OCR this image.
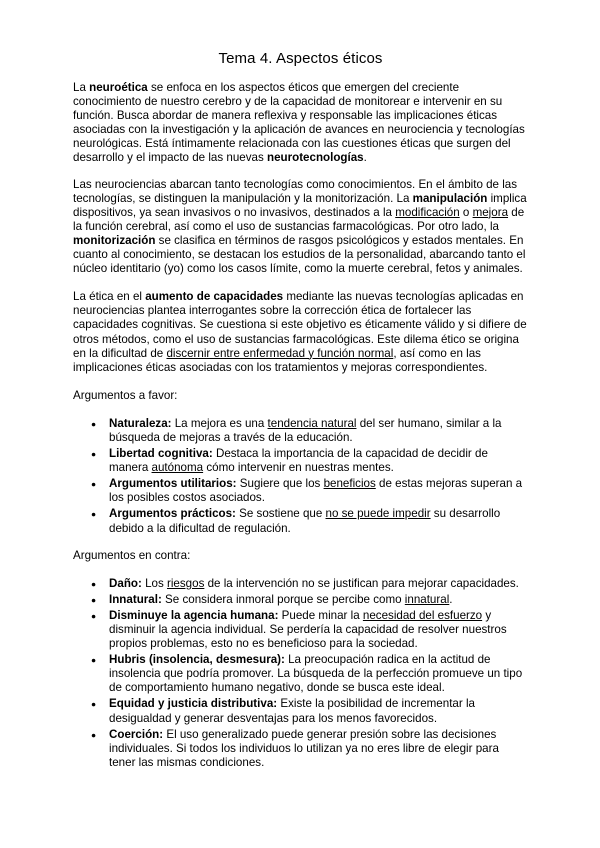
Tema 4. Aspectos éticos

La neuroética se enfoca en los aspectos éticos que emergen del creciente conocimiento de nuestro cerebro y de la capacidad de monitorear e intervenir en su función. Busca abordar de manera reflexiva y responsable las implicaciones éticas asociadas con la investigación y la aplicación de avances en neurociencia y tecnologías neurológicas. Está íntimamente relacionada con las cuestiones éticas que surgen del desarrollo y el impacto de las nuevas neurotecnologías.

Las neurociencias abarcan tanto tecnologías como conocimientos. En el ámbito de las tecnologías, se distinguen la manipulación y la monitorización. La manipulación implica dispositivos, ya sean invasivos o no invasivos, destinados a la modificación o mejora de la función cerebral, así como el uso de sustancias farmacológicas. Por otro lado, la monitorización se clasifica en términos de rasgos psicológicos y estados mentales. En cuanto al conocimiento, se destacan los estudios de la personalidad, abarcando tanto el núcleo identitario (yo) como los casos límite, como la muerte cerebral, fetos y animales.

La ética en el aumento de capacidades mediante las nuevas tecnologías aplicadas en neurociencias plantea interrogantes sobre la corrección ética de fortalecer las capacidades cognitivas. Se cuestiona si este objetivo es éticamente válido y si difiere de otros métodos, como el uso de sustancias farmacológicas. Este dilema ético se origina en la dificultad de discernir entre enfermedad y función normal, así como en las implicaciones éticas asociadas con los tratamientos y mejoras correspondientes.

Argumentos a favor:

● Naturaleza: La mejora es una tendencia natural del ser humano, similar a la búsqueda de mejoras a través de la educación.
● Libertad cognitiva: Destaca la importancia de la capacidad de decidir de manera autónoma cómo intervenir en nuestras mentes.
● Argumentos utilitarios: Sugiere que los beneficios de estas mejoras superan a los posibles costos asociados.
● Argumentos prácticos: Se sostiene que no se puede impedir su desarrollo debido a la dificultad de regulación.

Argumentos en contra:

● Daño: Los riesgos de la intervención no se justifican para mejorar capacidades.
● Innatural: Se considera inmoral porque se percibe como innatural.
● Disminuye la agencia humana: Puede minar la necesidad del esfuerzo y disminuir la agencia individual. Se perdería la capacidad de resolver nuestros propios problemas, esto no es beneficioso para la sociedad.
● Hubris (insolencia, desmesura): La preocupación radica en la actitud de insolencia que podría promover. La búsqueda de la perfección promueve un tipo de comportamiento humano negativo, donde se busca este ideal.
● Equidad y justicia distributiva: Existe la posibilidad de incrementar la desigualdad y generar desventajas para los menos favorecidos.
● Coerción: El uso generalizado puede generar presión sobre las decisiones individuales. Si todos los individuos lo utilizan ya no eres libre de elegir para tener las mismas condiciones.
